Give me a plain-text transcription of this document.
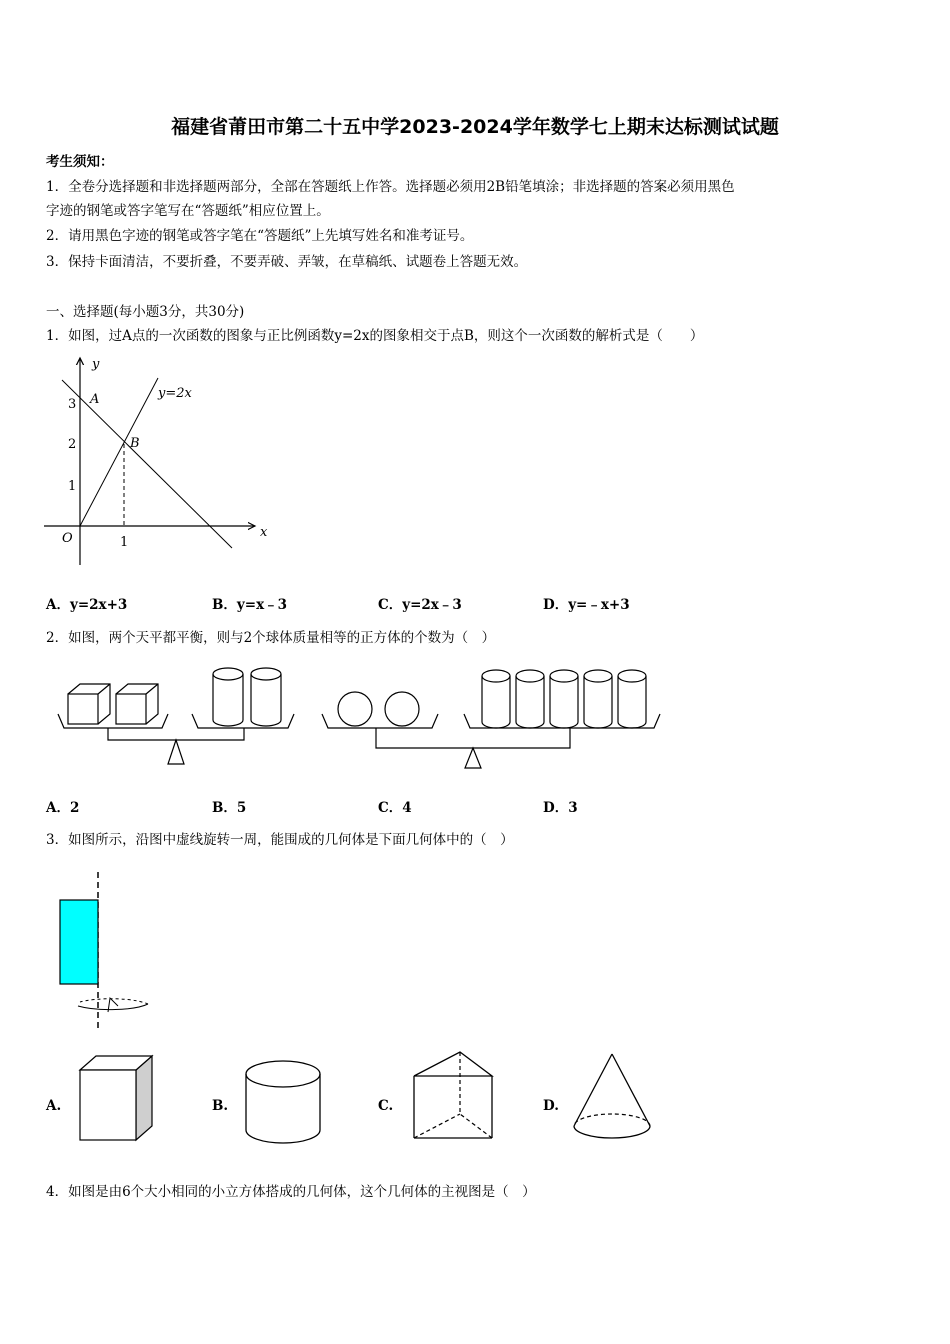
福建省莆田市第二十五中学2023-2024学年数学七上期末达标测试试题
考生须知：
1．全卷分选择题和非选择题两部分，全部在答题纸上作答。选择题必须用2B铅笔填涂；非选择题的答案必须用黑色
字迹的钢笔或答字笔写在“答题纸”相应位置上。
2．请用黑色字迹的钢笔或答字笔在“答题纸”上先填写姓名和准考证号。
3．保持卡面清洁，不要折叠，不要弄破、弄皱，在草稿纸、试题卷上答题无效。
一、选择题(每小题3分，共30分)
1．如图，过A点的一次函数的图象与正比例函数y=2x的图象相交于点B，则这个一次函数的解析式是（　　）
y
x
O
3
2
1
1
A
B
y=2x
A．y=2x+3	B．y=x﹣3	C．y=2x﹣3	D．y=﹣x+3
2．如图，两个天平都平衡，则与2个球体质量相等的正方体的个数为（　）
A．2	B．5	C．4	D．3
3．如图所示，沿图中虚线旋转一周，能围成的几何体是下面几何体中的（　）
A.	B.	C.	D.
4．如图是由6个大小相同的小立方体搭成的几何体，这个几何体的主视图是（　）
